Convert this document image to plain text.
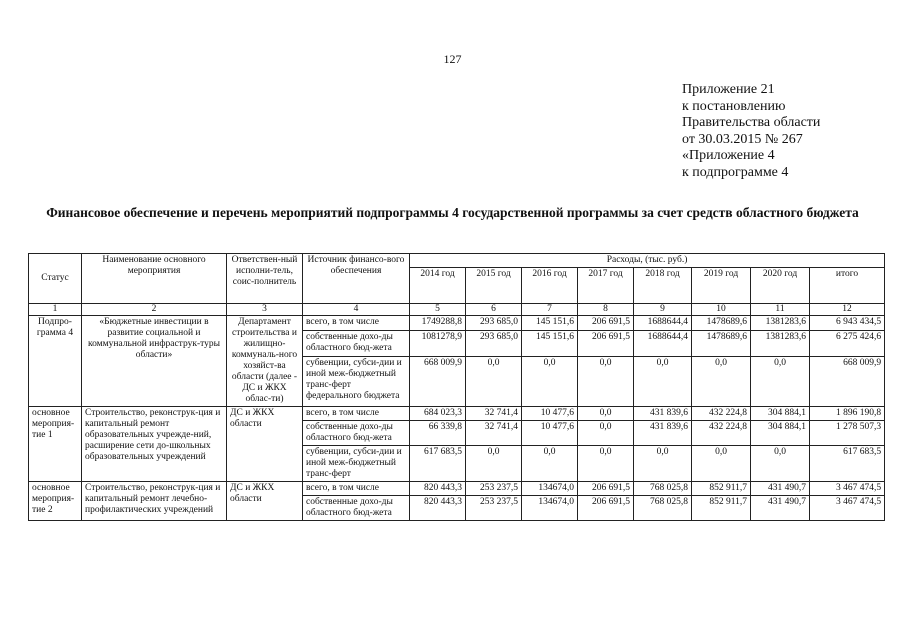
127
Приложение 21
к постановлению
Правительства области
от 30.03.2015 № 267
«Приложение 4
к подпрограмме 4
Финансовое обеспечение и перечень мероприятий подпрограммы 4 государственной программы за счет средств областного бюджета
Статус	Наименование основного мероприятия	Ответствен-ный исполни-тель, соис-полнитель	Источник финансо-вого обеспечения	Расходы, (тыс. руб.)							
				2014 год	2015 год	2016 год	2017 год	2018 год	2019 год	2020 год	итого
1	2	3	4	5	6	7	8	9	10	11	12
Подпро-грамма 4	«Бюджетные инвестиции в развитие социальной и коммунальной инфраструк-туры области»	Департамент строительства и жилищно-коммуналь-ного хозяйст-ва области (далее - ДС и ЖКХ облас-ти)	всего, в том числе	1749288,8	293 685,0	145 151,6	206 691,5	1688644,4	1478689,6	1381283,6	6 943 434,5
			собственные дохо-ды областного бюд-жета	1081278,9	293 685,0	145 151,6	206 691,5	1688644,4	1478689,6	1381283,6	6 275 424,6
			субвенции, субси-дии и иной меж-бюджетный транс-ферт федерального бюджета	668 009,9	0,0	0,0	0,0	0,0	0,0	0,0	668 009,9
основное мероприя-тие 1	Строительство, реконструк-ция и капитальный ремонт образовательных учрежде-ний, расширение сети до-школьных образовательных учреждений	ДС и ЖКХ области	всего, в том числе	684 023,3	32 741,4	10 477,6	0,0	431 839,6	432 224,8	304 884,1	1 896 190,8
			собственные дохо-ды областного бюд-жета	66 339,8	32 741,4	10 477,6	0,0	431 839,6	432 224,8	304 884,1	1 278 507,3
			субвенции, субси-дии и иной меж-бюджетный транс-ферт	617 683,5	0,0	0,0	0,0	0,0	0,0	0,0	617 683,5
основное мероприя-тие 2	Строительство, реконструк-ция и капитальный ремонт лечебно-профилактических учреждений	ДС и ЖКХ области	всего, в том числе	820 443,3	253 237,5	134674,0	206 691,5	768 025,8	852 911,7	431 490,7	3 467 474,5
			собственные дохо-ды областного бюд-жета	820 443,3	253 237,5	134674,0	206 691,5	768 025,8	852 911,7	431 490,7	3 467 474,5
